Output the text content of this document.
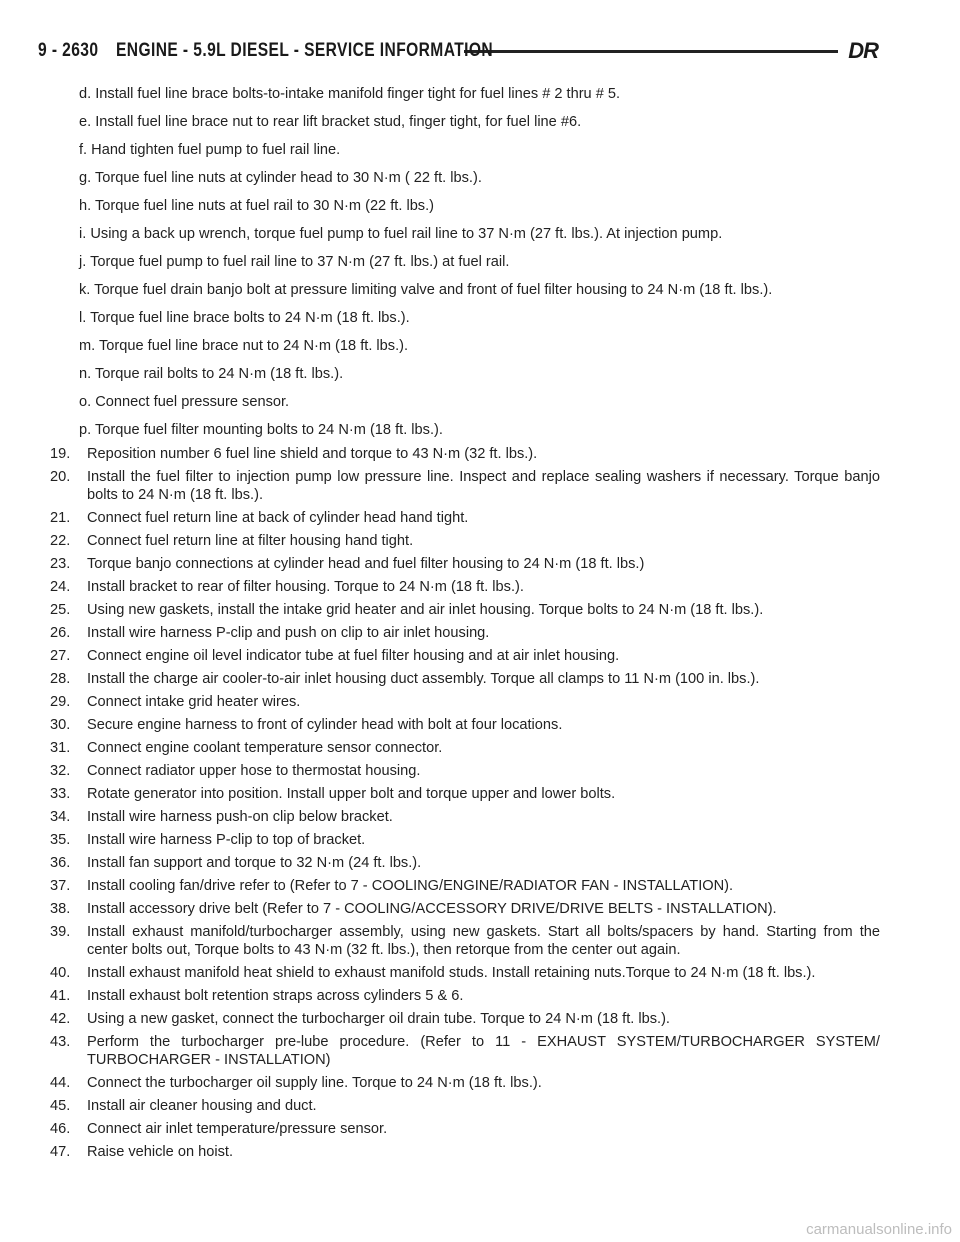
9 - 2630 ENGINE - 5.9L DIESEL - SERVICE INFORMATION	DR
d. Install fuel line brace bolts-to-intake manifold finger tight for fuel lines # 2 thru # 5.
e. Install fuel line brace nut to rear lift bracket stud, finger tight, for fuel line #6.
f. Hand tighten fuel pump to fuel rail line.
g. Torque fuel line nuts at cylinder head to 30 N·m ( 22 ft. lbs.).
h. Torque fuel line nuts at fuel rail to 30 N·m (22 ft. lbs.)
i. Using a back up wrench, torque fuel pump to fuel rail line to 37 N·m (27 ft. lbs.). At injection pump.
j. Torque fuel pump to fuel rail line to 37 N·m (27 ft. lbs.) at fuel rail.
k. Torque fuel drain banjo bolt at pressure limiting valve and front of fuel filter housing to 24 N·m (18 ft. lbs.).
l. Torque fuel line brace bolts to 24 N·m (18 ft. lbs.).
m. Torque fuel line brace nut to 24 N·m (18 ft. lbs.).
n. Torque rail bolts to 24 N·m (18 ft. lbs.).
o. Connect fuel pressure sensor.
p. Torque fuel filter mounting bolts to 24 N·m (18 ft. lbs.).
19.	Reposition number 6 fuel line shield and torque to 43 N·m (32 ft. lbs.).
20.	Install the fuel filter to injection pump low pressure line. Inspect and replace sealing washers if necessary. Torque banjo bolts to 24 N·m (18 ft. lbs.).
21.	Connect fuel return line at back of cylinder head hand tight.
22.	Connect fuel return line at filter housing hand tight.
23.	Torque banjo connections at cylinder head and fuel filter housing to 24 N·m (18 ft. lbs.)
24.	Install bracket to rear of filter housing. Torque to 24 N·m (18 ft. lbs.).
25.	Using new gaskets, install the intake grid heater and air inlet housing. Torque bolts to 24 N·m (18 ft. lbs.).
26.	Install wire harness P-clip and push on clip to air inlet housing.
27.	Connect engine oil level indicator tube at fuel filter housing and at air inlet housing.
28.	Install the charge air cooler-to-air inlet housing duct assembly. Torque all clamps to 11 N·m (100 in. lbs.).
29.	Connect intake grid heater wires.
30.	Secure engine harness to front of cylinder head with bolt at four locations.
31.	Connect engine coolant temperature sensor connector.
32.	Connect radiator upper hose to thermostat housing.
33.	Rotate generator into position. Install upper bolt and torque upper and lower bolts.
34.	Install wire harness push-on clip below bracket.
35.	Install wire harness P-clip to top of bracket.
36.	Install fan support and torque to 32 N·m (24 ft. lbs.).
37.	Install cooling fan/drive refer to (Refer to 7 - COOLING/ENGINE/RADIATOR FAN - INSTALLATION).
38.	Install accessory drive belt (Refer to 7 - COOLING/ACCESSORY DRIVE/DRIVE BELTS - INSTALLATION).
39.	Install exhaust manifold/turbocharger assembly, using new gaskets. Start all bolts/spacers by hand. Starting from the center bolts out, Torque bolts to 43 N·m (32 ft. lbs.), then retorque from the center out again.
40.	Install exhaust manifold heat shield to exhaust manifold studs. Install retaining nuts.Torque to 24 N·m (18 ft. lbs.).
41.	Install exhaust bolt retention straps across cylinders 5 & 6.
42.	Using a new gasket, connect the turbocharger oil drain tube. Torque to 24 N·m (18 ft. lbs.).
43.	Perform the turbocharger pre-lube procedure. (Refer to 11 - EXHAUST SYSTEM/TURBOCHARGER SYSTEM/ TURBOCHARGER - INSTALLATION)
44.	Connect the turbocharger oil supply line. Torque to 24 N·m (18 ft. lbs.).
45.	Install air cleaner housing and duct.
46.	Connect air inlet temperature/pressure sensor.
47.	Raise vehicle on hoist.
carmanualsonline.info
